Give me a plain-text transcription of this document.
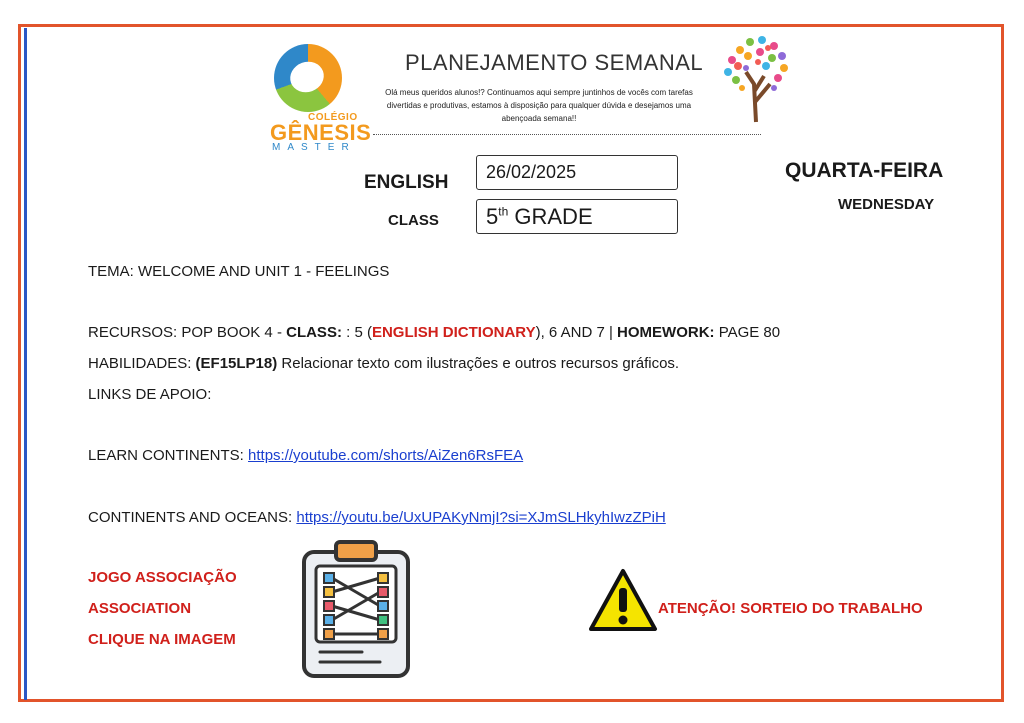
COLÉGIO
GÊNESIS
MASTER
PLANEJAMENTO SEMANAL
Olá meus queridos alunos!? Continuamos aqui sempre juntinhos de vocês com tarefas divertidas e produtivas, estamos à disposição para qualquer dúvida e desejamos uma abençoada semana!!
ENGLISH
CLASS
26/02/2025
5th GRADE
QUARTA-FEIRA
WEDNESDAY
TEMA: WELCOME AND UNIT 1 - FEELINGS
RECURSOS: POP BOOK 4 - CLASS: : 5 (ENGLISH DICTIONARY), 6 AND 7 | HOMEWORK: PAGE 80
HABILIDADES: (EF15LP18) Relacionar texto com ilustrações e outros recursos gráficos.
LINKS DE APOIO:
LEARN CONTINENTS: https://youtube.com/shorts/AiZen6RsFEA
CONTINENTS AND OCEANS: https://youtu.be/UxUPAKyNmjI?si=XJmSLHkyhIwzZPiH
JOGO ASSOCIAÇÃO
ASSOCIATION
CLIQUE NA IMAGEM
ATENÇÃO! SORTEIO DO TRABALHO
